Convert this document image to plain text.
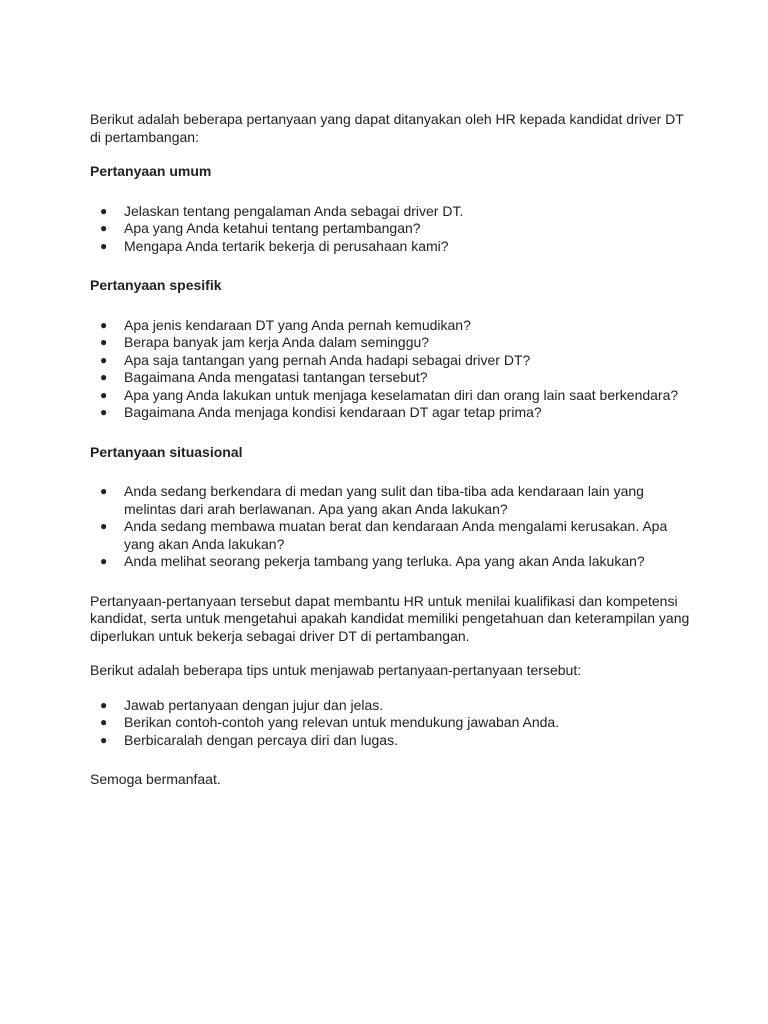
Berikut adalah beberapa pertanyaan yang dapat ditanyakan oleh HR kepada kandidat driver DT di pertambangan:

Pertanyaan umum

● Jelaskan tentang pengalaman Anda sebagai driver DT.
● Apa yang Anda ketahui tentang pertambangan?
● Mengapa Anda tertarik bekerja di perusahaan kami?

Pertanyaan spesifik

● Apa jenis kendaraan DT yang Anda pernah kemudikan?
● Berapa banyak jam kerja Anda dalam seminggu?
● Apa saja tantangan yang pernah Anda hadapi sebagai driver DT?
● Bagaimana Anda mengatasi tantangan tersebut?
● Apa yang Anda lakukan untuk menjaga keselamatan diri dan orang lain saat berkendara?
● Bagaimana Anda menjaga kondisi kendaraan DT agar tetap prima?

Pertanyaan situasional

● Anda sedang berkendara di medan yang sulit dan tiba-tiba ada kendaraan lain yang melintas dari arah berlawanan. Apa yang akan Anda lakukan?
● Anda sedang membawa muatan berat dan kendaraan Anda mengalami kerusakan. Apa yang akan Anda lakukan?
● Anda melihat seorang pekerja tambang yang terluka. Apa yang akan Anda lakukan?

Pertanyaan-pertanyaan tersebut dapat membantu HR untuk menilai kualifikasi dan kompetensi kandidat, serta untuk mengetahui apakah kandidat memiliki pengetahuan dan keterampilan yang diperlukan untuk bekerja sebagai driver DT di pertambangan.

Berikut adalah beberapa tips untuk menjawab pertanyaan-pertanyaan tersebut:

● Jawab pertanyaan dengan jujur dan jelas.
● Berikan contoh-contoh yang relevan untuk mendukung jawaban Anda.
● Berbicaralah dengan percaya diri dan lugas.

Semoga bermanfaat.
